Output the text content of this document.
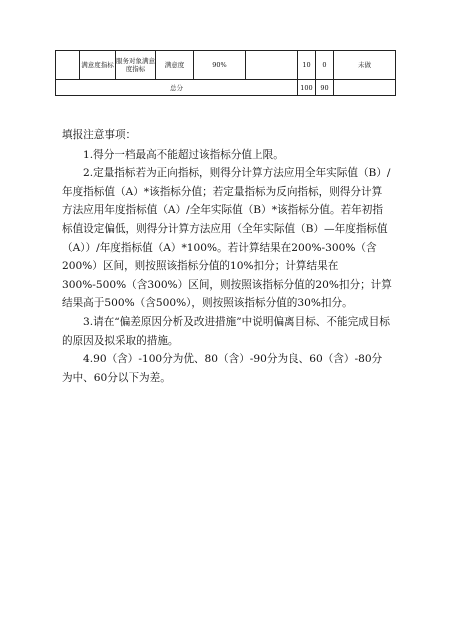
	满意度指标	服务对象满意度指标	满意度	90%		10	0	未做
总分						100	90	

填报注意事项：

1.得分一档最高不能超过该指标分值上限。

2.定量指标若为正向指标，则得分计算方法应用全年实际值（B）/年度指标值（A）*该指标分值；若定量指标为反向指标，则得分计算方法应用年度指标值（A）/全年实际值（B）*该指标分值。若年初指标值设定偏低，则得分计算方法应用（全年实际值（B）—年度指标值（A））/年度指标值（A）*100%。若计算结果在200%-300%（含200%）区间，则按照该指标分值的10%扣分；计算结果在300%-500%（含300%）区间，则按照该指标分值的20%扣分；计算结果高于500%（含500%），则按照该指标分值的30%扣分。

3.请在“偏差原因分析及改进措施”中说明偏离目标、不能完成目标的原因及拟采取的措施。

4.90（含）-100分为优、80（含）-90分为良、60（含）-80分为中、60分以下为差。
